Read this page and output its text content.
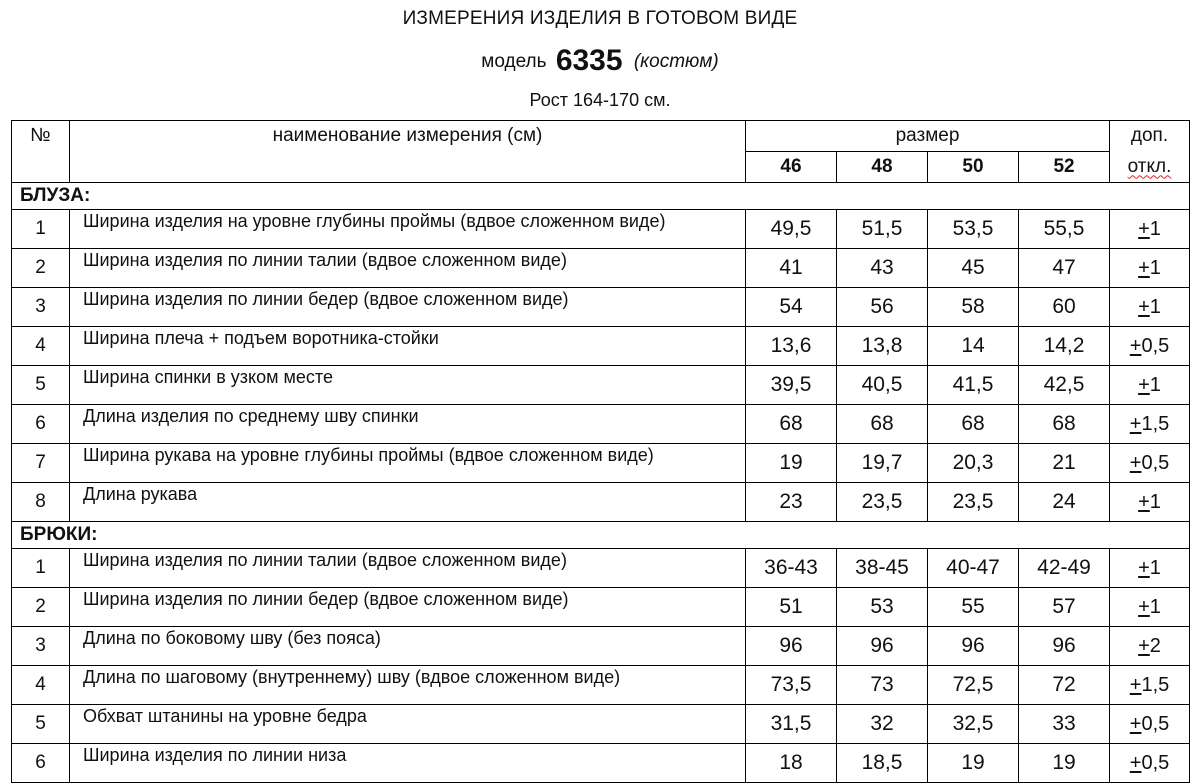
ИЗМЕРЕНИЯ ИЗДЕЛИЯ В ГОТОВОМ ВИДЕ
модель 6335 (костюм)
Рост 164-170 см.
№	наименование измерения (см)	размер				доп.
		46	48	50	52	откл.
БЛУЗА:						
1	Ширина изделия на уровне глубины проймы (вдвое сложенном виде)	49,5	51,5	53,5	55,5	+1
2	Ширина изделия по линии талии (вдвое сложенном виде)	41	43	45	47	+1
3	Ширина изделия по линии бедер (вдвое сложенном виде)	54	56	58	60	+1
4	Ширина плеча + подъем воротника-стойки	13,6	13,8	14	14,2	+0,5
5	Ширина спинки в узком месте	39,5	40,5	41,5	42,5	+1
6	Длина изделия по среднему шву спинки	68	68	68	68	+1,5
7	Ширина рукава на уровне глубины проймы (вдвое сложенном виде)	19	19,7	20,3	21	+0,5
8	Длина рукава	23	23,5	23,5	24	+1
БРЮКИ:						
1	Ширина изделия по линии талии (вдвое сложенном виде)	36-43	38-45	40-47	42-49	+1
2	Ширина изделия по линии бедер (вдвое сложенном виде)	51	53	55	57	+1
3	Длина по боковому шву (без пояса)	96	96	96	96	+2
4	Длина по шаговому (внутреннему) шву (вдвое сложенном виде)	73,5	73	72,5	72	+1,5
5	Обхват штанины на уровне бедра	31,5	32	32,5	33	+0,5
6	Ширина изделия по линии низа	18	18,5	19	19	+0,5
